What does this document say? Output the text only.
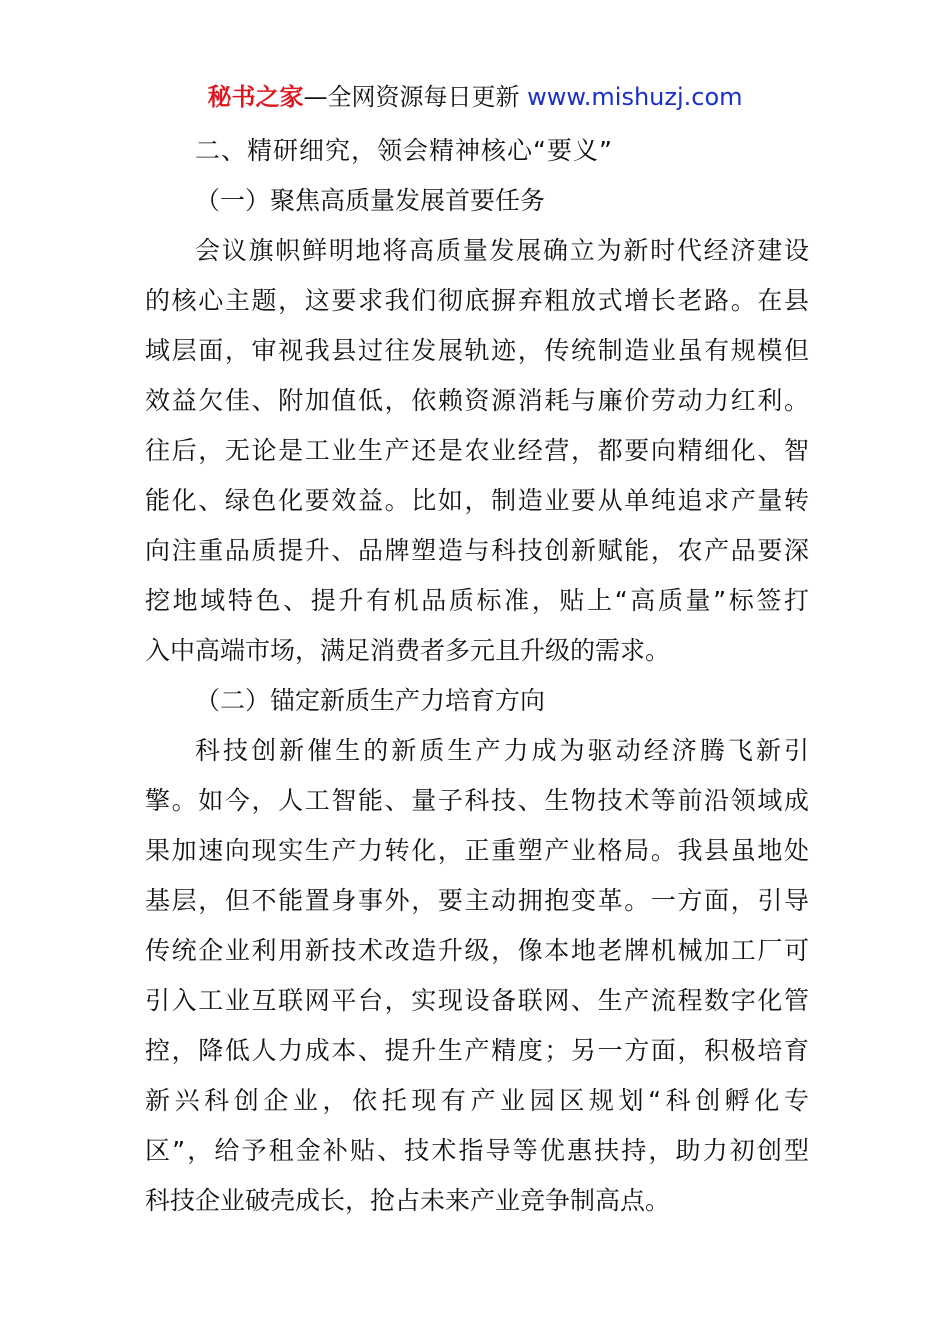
秘书之家—全网资源每日更新 www.mishuzj.com
二、精研细究，领会精神核心“要义”
（一）聚焦高质量发展首要任务
会议旗帜鲜明地将高质量发展确立为新时代经济建设
的核心主题，这要求我们彻底摒弃粗放式增长老路。在县
域层面，审视我县过往发展轨迹，传统制造业虽有规模但
效益欠佳、附加值低，依赖资源消耗与廉价劳动力红利。
往后，无论是工业生产还是农业经营，都要向精细化、智
能化、绿色化要效益。比如，制造业要从单纯追求产量转
向注重品质提升、品牌塑造与科技创新赋能，农产品要深
挖地域特色、提升有机品质标准，贴上“高质量”标签打
入中高端市场，满足消费者多元且升级的需求。
（二）锚定新质生产力培育方向
科技创新催生的新质生产力成为驱动经济腾飞新引
擎。如今，人工智能、量子科技、生物技术等前沿领域成
果加速向现实生产力转化，正重塑产业格局。我县虽地处
基层，但不能置身事外，要主动拥抱变革。一方面，引导
传统企业利用新技术改造升级，像本地老牌机械加工厂可
引入工业互联网平台，实现设备联网、生产流程数字化管
控，降低人力成本、提升生产精度；另一方面，积极培育
新兴科创企业，依托现有产业园区规划“科创孵化专
区”，给予租金补贴、技术指导等优惠扶持，助力初创型
科技企业破壳成长，抢占未来产业竞争制高点。
